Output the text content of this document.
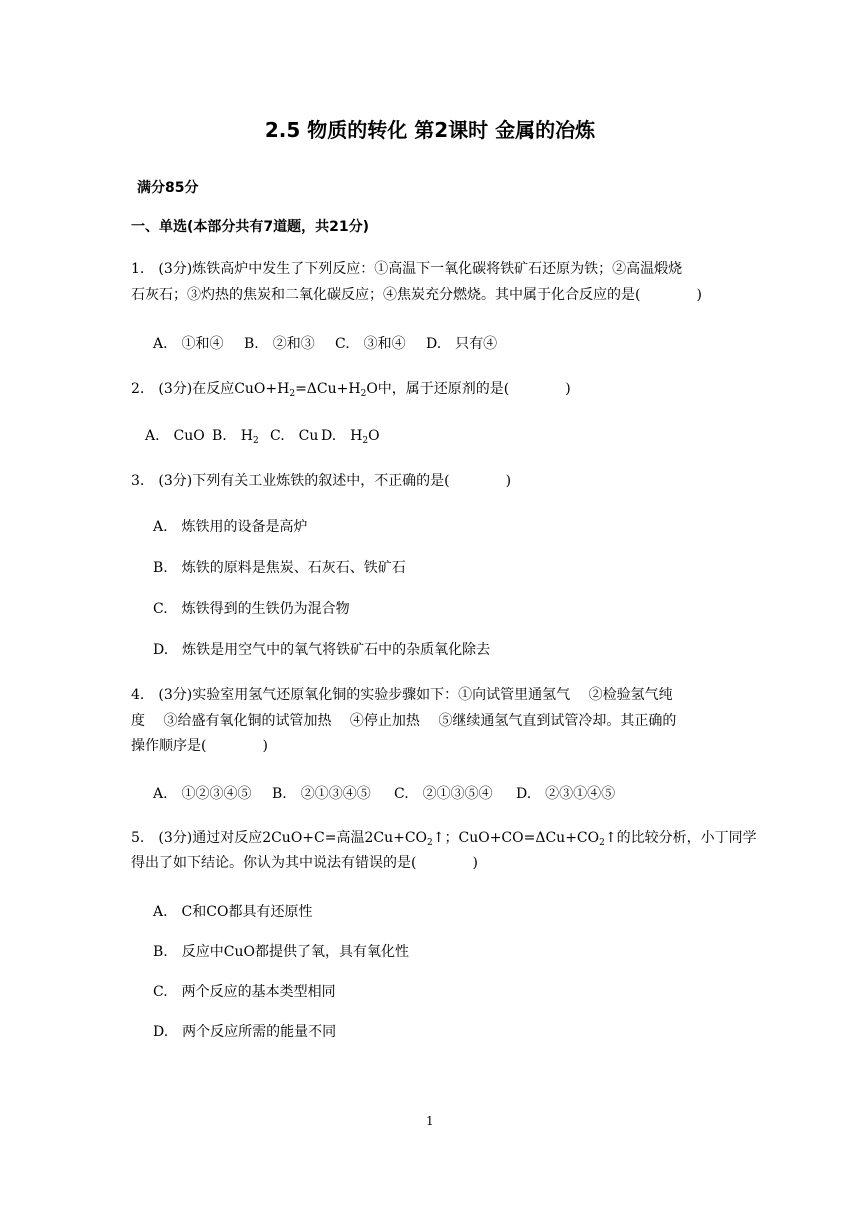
2.5 物质的转化 第2课时 金属的冶炼
满分85分
一、单选(本部分共有7道题，共21分)
1.　(3分)炼铁高炉中发生了下列反应：①高温下一氧化碳将铁矿石还原为铁；②高温煅烧
石灰石；③灼热的焦炭和二氧化碳反应；④焦炭充分燃烧。其中属于化合反应的是(　　　　)
A.　①和④ B.　②和③ C.　③和④ D.　只有④
2.　(3分)在反应$CuO+H_2=\Delta Cu+H_2O$中，属于还原剂的是(　　　　)
A.　CuO B.　$H_2$ C.　Cu D.　$H_2O$
3.　(3分)下列有关工业炼铁的叙述中，不正确的是(　　　　)
A.　炼铁用的设备是高炉
B.　炼铁的原料是焦炭、石灰石、铁矿石
C.　炼铁得到的生铁仍为混合物
D.　炼铁是用空气中的氧气将铁矿石中的杂质氧化除去
4.　(3分)实验室用氢气还原氧化铜的实验步骤如下：①向试管里通氢气　 ②检验氢气纯
度　 ③给盛有氧化铜的试管加热　 ④停止加热　 ⑤继续通氢气直到试管冷却。其正确的
操作顺序是(　　　　)
A.　①②③④⑤ B.　②①③④⑤ C.　②①③⑤④ D.　②③①④⑤
5.　(3分)通过对反应2CuO+C=高温$2Cu+CO_2↑$；$CuO+CO=\Delta Cu+CO_2↑$的比较分析，小丁同学
得出了如下结论。你认为其中说法有错误的是(　　　　)
A.　C和CO都具有还原性
B.　反应中CuO都提供了氧，具有氧化性
C.　两个反应的基本类型相同
D.　两个反应所需的能量不同
1
